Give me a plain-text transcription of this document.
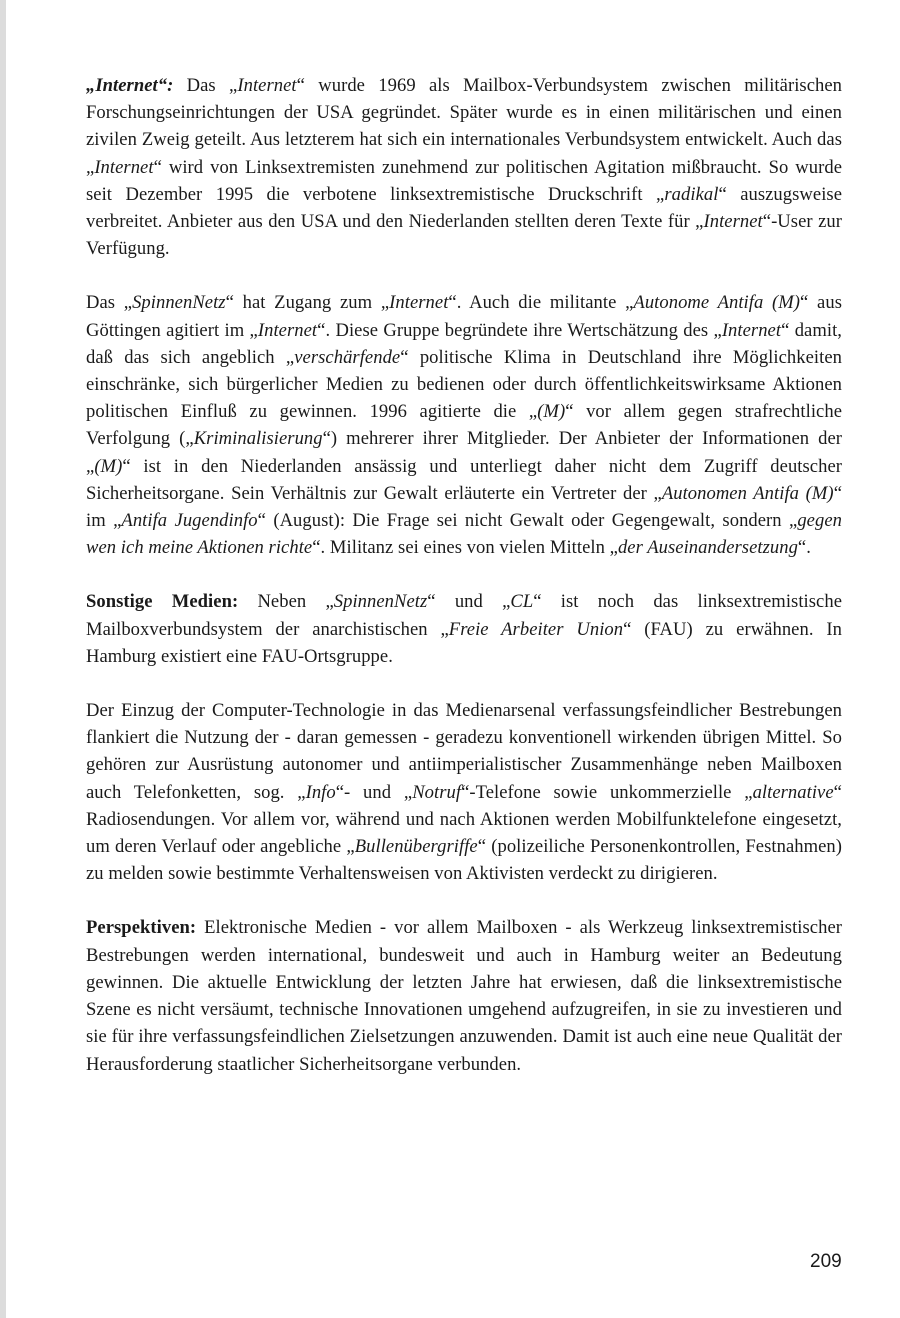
„Internet“: Das „Internet“ wurde 1969 als Mailbox-Verbundsystem zwischen militärischen Forschungseinrichtungen der USA gegründet. Später wurde es in einen militärischen und einen zivilen Zweig geteilt. Aus letzterem hat sich ein internationales Verbundsystem entwickelt. Auch das „Internet“ wird von Linksextremisten zunehmend zur politischen Agitation mißbraucht. So wurde seit Dezember 1995 die verbotene linksextremistische Druckschrift „radikal“ auszugsweise verbreitet. Anbieter aus den USA und den Niederlanden stellten deren Texte für „Internet“-User zur Verfügung.

Das „SpinnenNetz“ hat Zugang zum „Internet“. Auch die militante „Autonome Antifa (M)“ aus Göttingen agitiert im „Internet“. Diese Gruppe begründete ihre Wertschätzung des „Internet“ damit, daß das sich angeblich „verschärfende“ politische Klima in Deutschland ihre Möglichkeiten einschränke, sich bürgerlicher Medien zu bedienen oder durch öffentlichkeitswirksame Aktionen politischen Einfluß zu gewinnen. 1996 agitierte die „(M)“ vor allem gegen strafrechtliche Verfolgung („Kriminalisierung“) mehrerer ihrer Mitglieder. Der Anbieter der Informationen der „(M)“ ist in den Niederlanden ansässig und unterliegt daher nicht dem Zugriff deutscher Sicherheitsorgane. Sein Verhältnis zur Gewalt erläuterte ein Vertreter der „Autonomen Antifa (M)“ im „Antifa Jugendinfo“ (August): Die Frage sei nicht Gewalt oder Gegengewalt, sondern „gegen wen ich meine Aktionen richte“. Militanz sei eines von vielen Mitteln „der Auseinandersetzung“.

Sonstige Medien: Neben „SpinnenNetz“ und „CL“ ist noch das linksextremistische Mailboxverbundsystem der anarchistischen „Freie Arbeiter Union“ (FAU) zu erwähnen. In Hamburg existiert eine FAU-Ortsgruppe.

Der Einzug der Computer-Technologie in das Medienarsenal verfassungsfeindlicher Bestrebungen flankiert die Nutzung der - daran gemessen - geradezu konventionell wirkenden übrigen Mittel. So gehören zur Ausrüstung autonomer und antiimperialistischer Zusammenhänge neben Mailboxen auch Telefonketten, sog. „Info“- und „Notruf“-Telefone sowie unkommerzielle „alternative“ Radiosendungen. Vor allem vor, während und nach Aktionen werden Mobilfunktelefone eingesetzt, um deren Verlauf oder angebliche „Bullenübergriffe“ (polizeiliche Personenkontrollen, Festnahmen) zu melden sowie bestimmte Verhaltensweisen von Aktivisten verdeckt zu dirigieren.

Perspektiven: Elektronische Medien - vor allem Mailboxen - als Werkzeug linksextremistischer Bestrebungen werden international, bundesweit und auch in Hamburg weiter an Bedeutung gewinnen. Die aktuelle Entwicklung der letzten Jahre hat erwiesen, daß die linksextremistische Szene es nicht versäumt, technische Innovationen umgehend aufzugreifen, in sie zu investieren und sie für ihre verfassungsfeindlichen Zielsetzungen anzuwenden. Damit ist auch eine neue Qualität der Herausforderung staatlicher Sicherheitsorgane verbunden.

209
